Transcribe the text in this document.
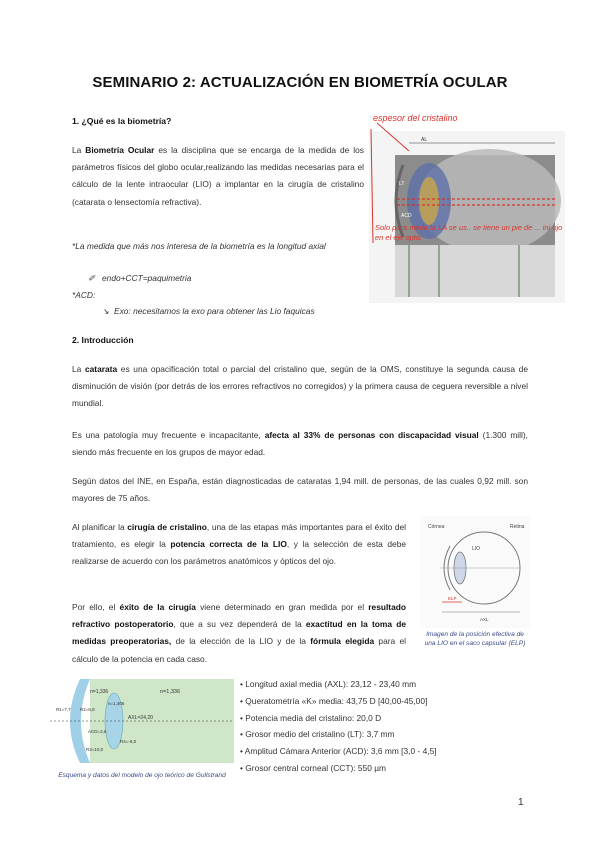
SEMINARIO 2: ACTUALIZACIÓN EN BIOMETRÍA OCULAR
1. ¿Qué es la biometría?
La Biometría Ocular es la disciplina que se encarga de la medida de los parámetros físicos del globo ocular,realizando las medidas necesarias para el cálculo de la lente intraocular (LIO) a implantar en la cirugía de cristalino (catarata o lensectomía refractiva).
*La medida que más nos interesa de la biometría es la longitud axial
✐ endo+CCT=paquimetria
*ACD:
↘ Exo: necesitamos la exo para obtener las Lio faquicas
AL
LT
ACD
espesor del cristalino
Solo para medir la LA se us.. se tiene un pie de ... ini ojo en el eje optic
2. Introducción
La catarata es una opacificación total o parcial del cristalino que, según de la OMS, constituye la segunda causa de disminución de visión (por detrás de los errores refractivos no corregidos) y la primera causa de ceguera reversible a nivel mundial.
Es una patología muy frecuente e incapacitante, afecta al 33% de personas con discapacidad visual (1.300 mill), siendo más frecuente en los grupos de mayor edad.
Según datos del INE, en España, están diagnosticadas de cataratas 1,94 mill. de personas, de las cuales 0,92 mill. son mayores de 75 años.
Al planificar la cirugía de cristalino, una de las etapas más importantes para el éxito del tratamiento, es elegir la potencia correcta de la LIO, y la selección de esta debe realizarse de acuerdo con los parámetros anatómicos y ópticos del ojo.
Por ello, el éxito de la cirugía viene determinado en gran medida por el resultado refractivo postoperatorio, que a su vez dependerá de la exactitud en la toma de medidas preoperatorias, de la elección de la LIO y de la fórmula elegida para el cálculo de la potencia en cada caso.
Córnea	Retina
LIO
ELP
AXL
Imagen de la posición efectiva de una LIO en el saco capsular (ELP)
n=1,336	n=1,336
n=1,406
R1=7,7 R2=6,8
ACD=3,6
AXL=24,20
R3=10,0
R4=-6,0
Esquema y datos del modelo de ojo teórico de Gullstrand
• Longitud axial media (AXL): 23,12 - 23,40 mm
• Queratometría «K» media: 43,75 D [40,00-45,00]
• Potencia media del cristalino: 20,0 D
• Grosor medio del cristalino (LT): 3,7 mm
• Amplitud Cámara Anterior (ACD): 3,6 mm [3,0 - 4,5]
• Grosor central corneal (CCT): 550 µm
1
